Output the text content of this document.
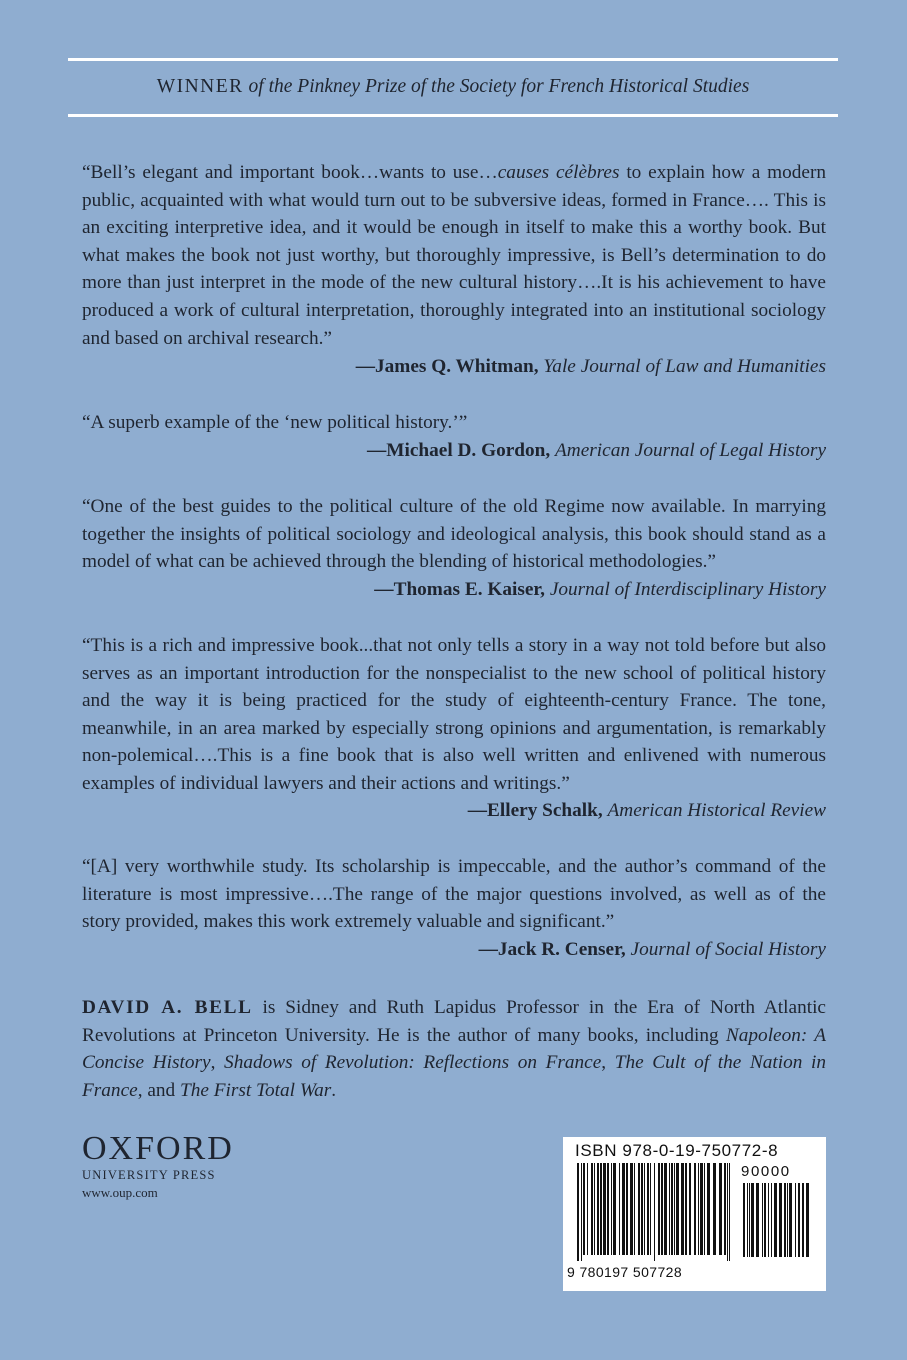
WINNER of the Pinkney Prize of the Society for French Historical Studies

“Bell’s elegant and important book…wants to use…causes célèbres to explain how a modern public, acquainted with what would turn out to be subversive ideas, formed in France…. This is an exciting interpretive idea, and it would be enough in itself to make this a worthy book. But what makes the book not just worthy, but thoroughly impressive, is Bell’s determination to do more than just interpret in the mode of the new cultural history….It is his achievement to have produced a work of cultural interpretation, thoroughly integrated into an institutional sociology and based on archival research.”

—James Q. Whitman, Yale Journal of Law and Humanities

“A superb example of the ‘new political history.’”

—Michael D. Gordon, American Journal of Legal History

“One of the best guides to the political culture of the old Regime now available. In marrying together the insights of political sociology and ideological analysis, this book should stand as a model of what can be achieved through the blending of historical methodologies.”

—Thomas E. Kaiser, Journal of Interdisciplinary History

“This is a rich and impressive book...that not only tells a story in a way not told before but also serves as an important introduction for the nonspecialist to the new school of political history and the way it is being practiced for the study of eighteenth-century France. The tone, meanwhile, in an area marked by especially strong opinions and argumentation, is remarkably non-polemical….This is a fine book that is also well written and enlivened with numerous examples of individual lawyers and their actions and writings.”

—Ellery Schalk, American Historical Review

“[A] very worthwhile study. Its scholarship is impeccable, and the author’s command of the literature is most impressive….The range of the major questions involved, as well as of the story provided, makes this work extremely valuable and significant.”

—Jack R. Censer, Journal of Social History

DAVID A. BELL is Sidney and Ruth Lapidus Professor in the Era of North Atlantic Revolutions at Princeton University. He is the author of many books, including Napoleon: A Concise History, Shadows of Revolution: Reflections on France, The Cult of the Nation in France, and The First Total War.

OXFORD
UNIVERSITY PRESS
www.oup.com
ISBN 978-0-19-750772-8
90000
9 780197 507728
